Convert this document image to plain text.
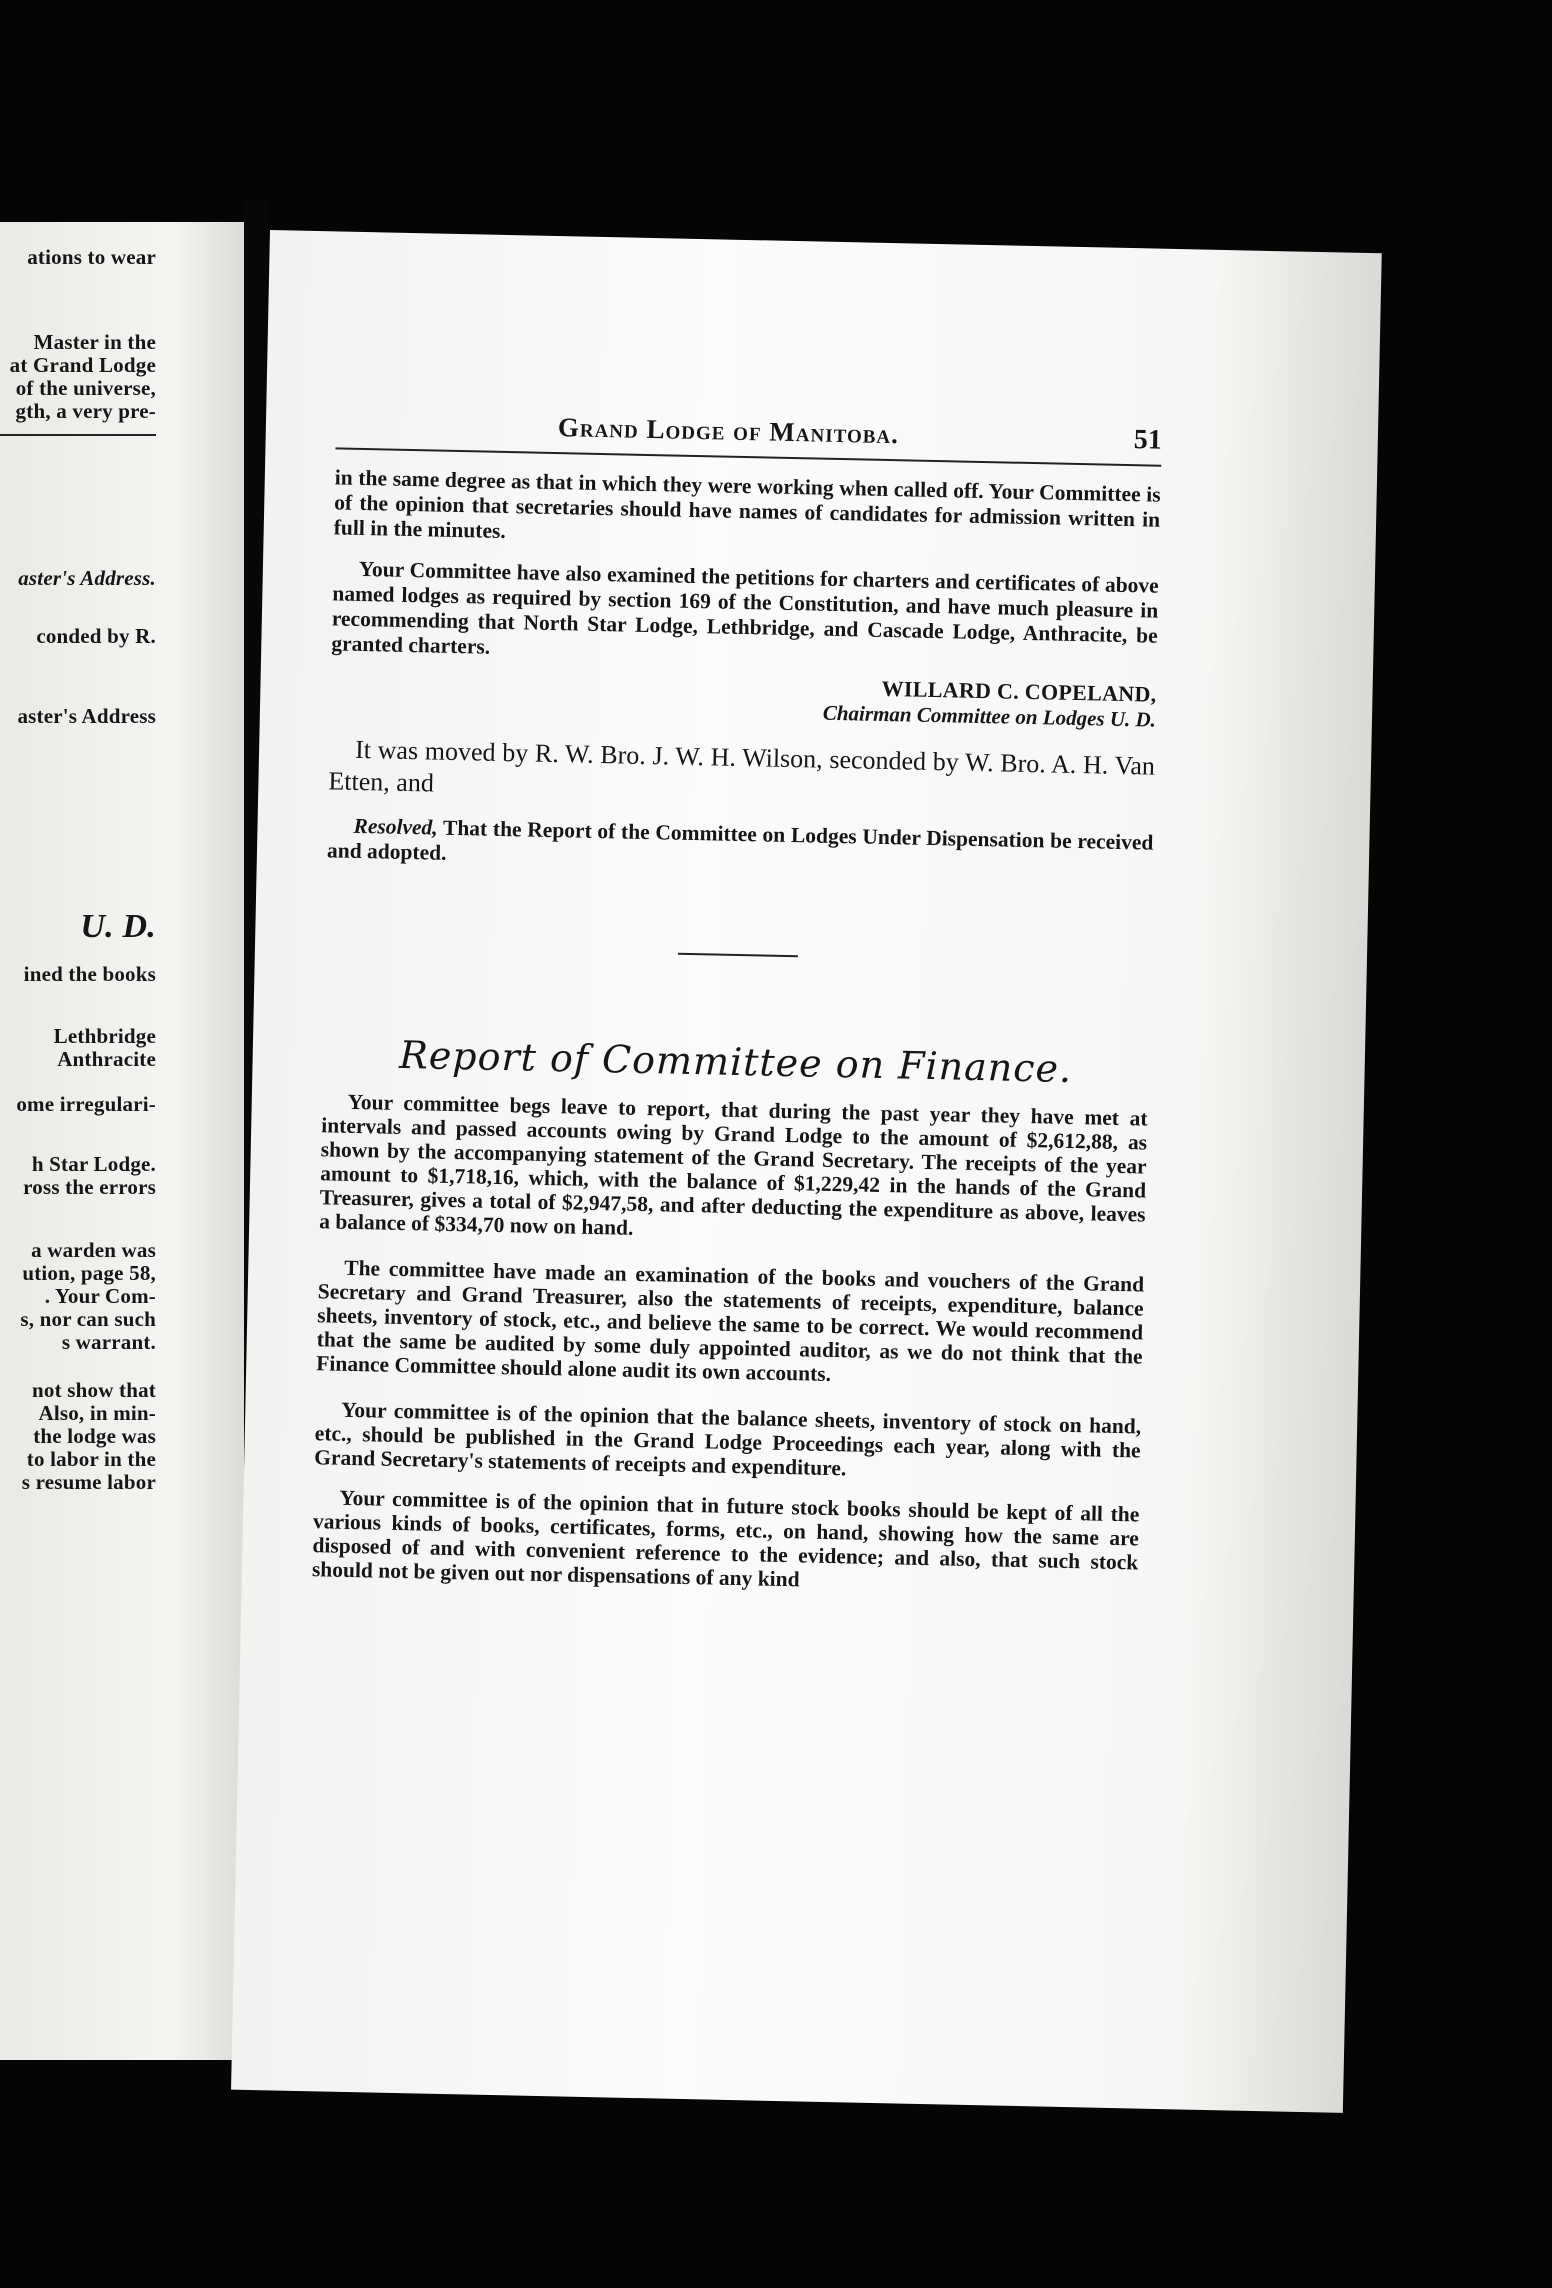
ations to wear
Master in the
at Grand Lodge
of the universe,
gth, a very pre-
aster's Address.
conded by R.
aster's Address
U. D.
ined the books
Lethbridge
Anthracite
ome irregulari-
h Star Lodge.
ross the errors
a warden was
ution, page 58,
. Your Com-
s, nor can such
s warrant.
not show that
Also, in min-
the lodge was
to labor in the
s resume labor
Grand Lodge of Manitoba.	51

in the same degree as that in which they were working when called off. Your Committee is of the opinion that secretaries should have names of candidates for admission written in full in the minutes.

Your Committee have also examined the petitions for charters and certificates of above named lodges as required by section 169 of the Constitution, and have much pleasure in recommending that North Star Lodge, Lethbridge, and Cascade Lodge, Anthracite, be granted charters.

WILLARD C. COPELAND,
Chairman Committee on Lodges U. D.

It was moved by R. W. Bro. J. W. H. Wilson, seconded by W. Bro. A. H. Van Etten, and

Resolved, That the Report of the Committee on Lodges Under Dispensation be received and adopted.

Report of Committee on Finance.

Your committee begs leave to report, that during the past year they have met at intervals and passed accounts owing by Grand Lodge to the amount of $2,612,88, as shown by the accompanying statement of the Grand Secretary. The receipts of the year amount to $1,718,16, which, with the balance of $1,229,42 in the hands of the Grand Treasurer, gives a total of $2,947,58, and after deducting the expenditure as above, leaves a balance of $334,70 now on hand.

The committee have made an examination of the books and vouchers of the Grand Secretary and Grand Treasurer, also the statements of receipts, expenditure, balance sheets, inventory of stock, etc., and believe the same to be correct. We would recommend that the same be audited by some duly appointed auditor, as we do not think that the Finance Committee should alone audit its own accounts.

Your committee is of the opinion that the balance sheets, inventory of stock on hand, etc., should be published in the Grand Lodge Proceedings each year, along with the Grand Secretary's statements of receipts and expenditure.

Your committee is of the opinion that in future stock books should be kept of all the various kinds of books, certificates, forms, etc., on hand, showing how the same are disposed of and with convenient reference to the evidence; and also, that such stock should not be given out nor dispensations of any kind
